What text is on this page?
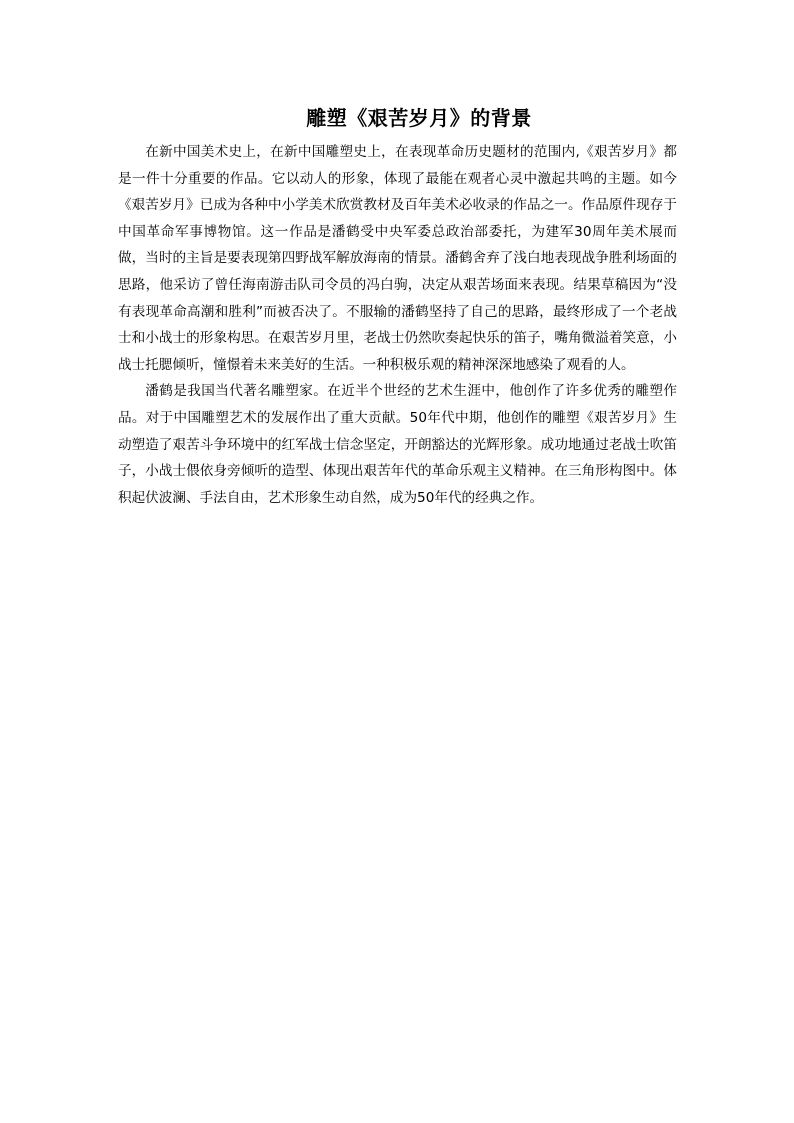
雕塑《艰苦岁月》的背景

在新中国美术史上，在新中国雕塑史上，在表现革命历史题材的范围内,《艰苦岁月》都是一件十分重要的作品。它以动人的形象，体现了最能在观者心灵中激起共鸣的主题。如今《艰苦岁月》已成为各种中小学美术欣赏教材及百年美术必收录的作品之一。作品原件现存于中国革命军事博物馆。这一作品是潘鹤受中央军委总政治部委托，为建军30周年美术展而做，当时的主旨是要表现第四野战军解放海南的情景。潘鹤舍弃了浅白地表现战争胜利场面的思路，他采访了曾任海南游击队司令员的冯白驹，决定从艰苦场面来表现。结果草稿因为“没有表现革命高潮和胜利”而被否决了。不服输的潘鹤坚持了自己的思路，最终形成了一个老战士和小战士的形象构思。在艰苦岁月里，老战士仍然吹奏起快乐的笛子，嘴角微溢着笑意，小战士托腮倾听，憧憬着未来美好的生活。一种积极乐观的精神深深地感染了观看的人。

潘鹤是我国当代著名雕塑家。在近半个世经的艺术生涯中，他创作了许多优秀的雕塑作品。对于中国雕塑艺术的发展作出了重大贡献。50年代中期，他创作的雕塑《艰苦岁月》生动塑造了艰苦斗争环境中的红军战士信念坚定，开朗豁达的光辉形象。成功地通过老战士吹笛子，小战士偎依身旁倾听的造型、体现出艰苦年代的革命乐观主义精神。在三角形构图中。体积起伏波澜、手法自由，艺术形象生动自然，成为50年代的经典之作。
